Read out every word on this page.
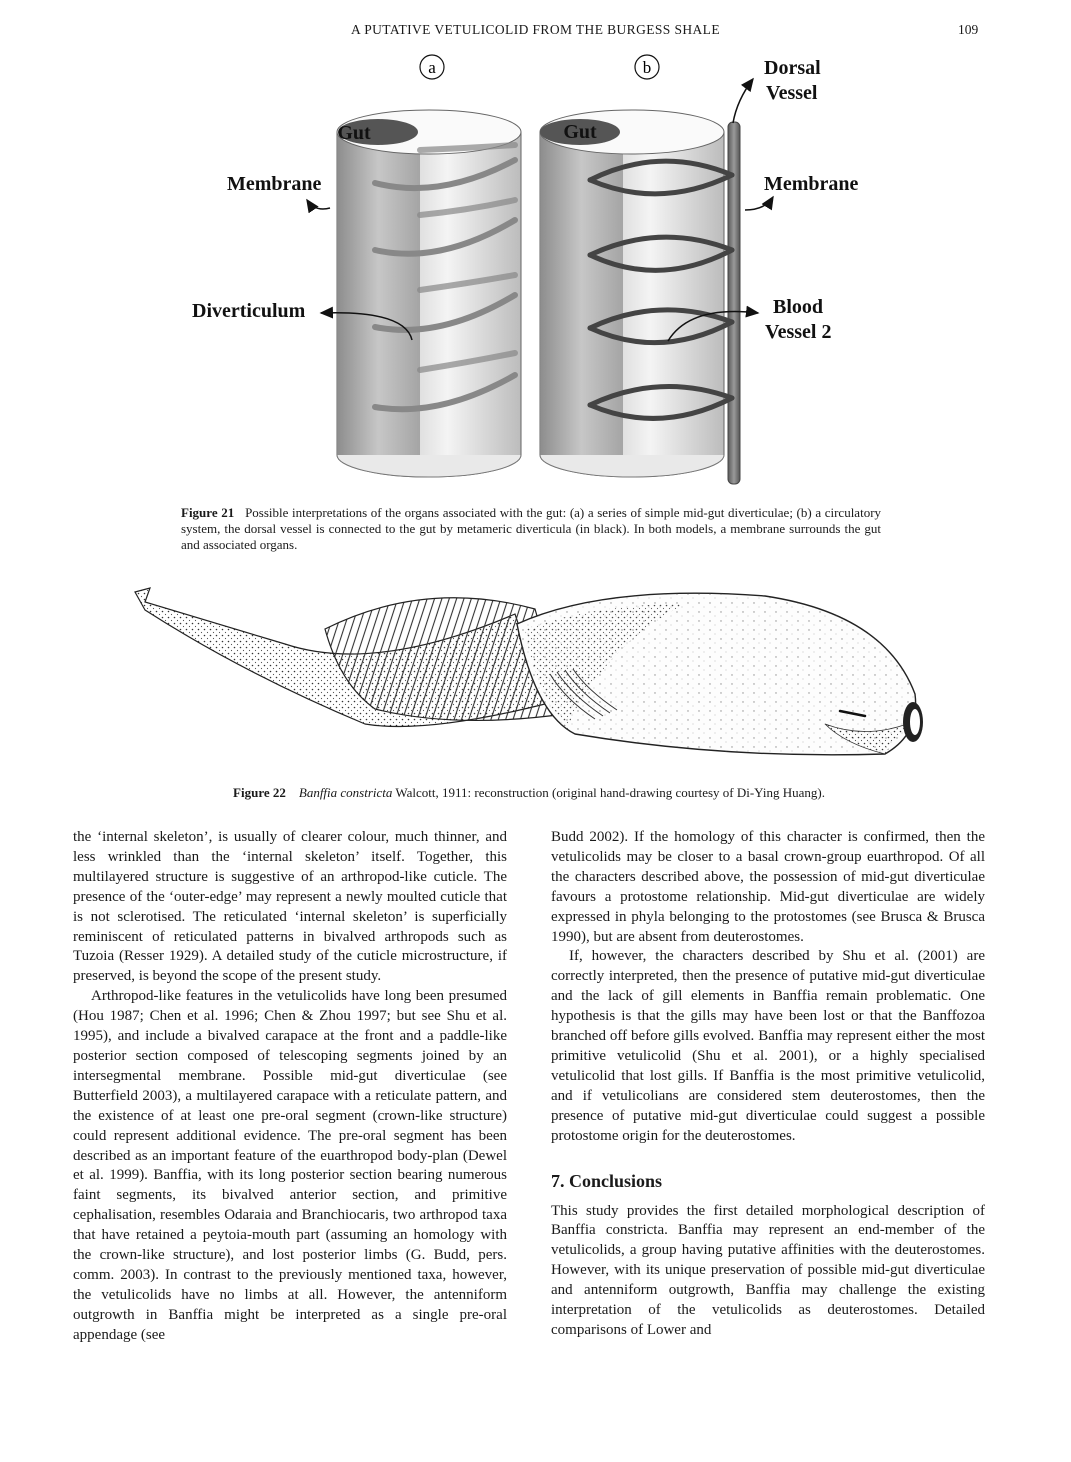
A PUTATIVE VETULICOLID FROM THE BURGESS SHALE	109
a	b
Gut	Gut
Membrane	Membrane
Diverticulum
Dorsal
Vessel
Blood
Vessel 2
Figure 21 Possible interpretations of the organs associated with the gut: (a) a series of simple mid-gut diverticulae; (b) a circulatory system, the dorsal vessel is connected to the gut by metameric diverticula (in black). In both models, a membrane surrounds the gut and associated organs.
Figure 22 Banffia constricta Walcott, 1911: reconstruction (original hand-drawing courtesy of Di-Ying Huang).

the ‘internal skeleton’, is usually of clearer colour, much thinner, and less wrinkled than the ‘internal skeleton’ itself. Together, this multilayered structure is suggestive of an arthropod-like cuticle. The presence of the ‘outer-edge’ may represent a newly moulted cuticle that is not sclerotised. The reticulated ‘internal skeleton’ is superficially reminiscent of reticulated patterns in bivalved arthropods such as Tuzoia (Resser 1929). A detailed study of the cuticle microstructure, if preserved, is beyond the scope of the present study.

Arthropod-like features in the vetulicolids have long been presumed (Hou 1987; Chen et al. 1996; Chen & Zhou 1997; but see Shu et al. 1995), and include a bivalved carapace at the front and a paddle-like posterior section composed of telescoping segments joined by an intersegmental membrane. Possible mid-gut diverticulae (see Butterfield 2003), a multilayered carapace with a reticulate pattern, and the existence of at least one pre-oral segment (crown-like structure) could represent additional evidence. The pre-oral segment has been described as an important feature of the euarthropod body-plan (Dewel et al. 1999). Banffia, with its long posterior section bearing numerous faint segments, its bivalved anterior section, and primitive cephalisation, resembles Odaraia and Branchiocaris, two arthropod taxa that have retained a peytoia-mouth part (assuming an homology with the crown-like structure), and lost posterior limbs (G. Budd, pers. comm. 2003). In contrast to the previously mentioned taxa, however, the vetulicolids have no limbs at all. However, the antenniform outgrowth in Banffia might be interpreted as a single pre-oral appendage (see

Budd 2002). If the homology of this character is confirmed, then the vetulicolids may be closer to a basal crown-group euarthropod. Of all the characters described above, the possession of mid-gut diverticulae favours a protostome relationship. Mid-gut diverticulae are widely expressed in phyla belonging to the protostomes (see Brusca & Brusca 1990), but are absent from deuterostomes.

If, however, the characters described by Shu et al. (2001) are correctly interpreted, then the presence of putative mid-gut diverticulae and the lack of gill elements in Banffia remain problematic. One hypothesis is that the gills may have been lost or that the Banffozoa branched off before gills evolved. Banffia may represent either the most primitive vetulicolid (Shu et al. 2001), or a highly specialised vetulicolid that lost gills. If Banffia is the most primitive vetulicolid, and if vetulicolians are considered stem deuterostomes, then the presence of putative mid-gut diverticulae could suggest a possible protostome origin for the deuterostomes.

7. Conclusions

This study provides the first detailed morphological description of Banffia constricta. Banffia may represent an end-member of the vetulicolids, a group having putative affinities with the deuterostomes. However, with its unique preservation of possible mid-gut diverticulae and antenniform outgrowth, Banffia may challenge the existing interpretation of the vetulicolids as deuterostomes. Detailed comparisons of Lower and
